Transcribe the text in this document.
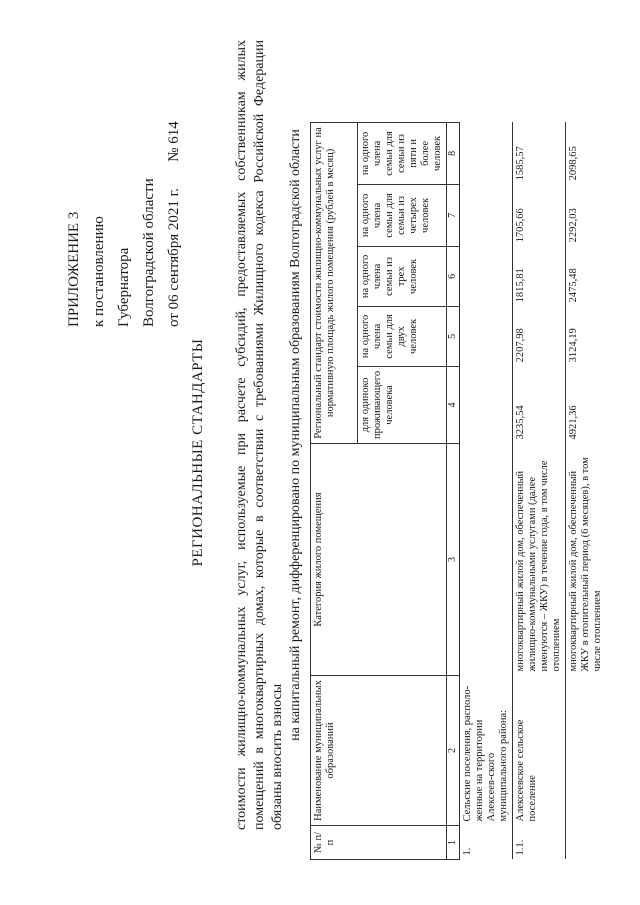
ПРИЛОЖЕНИЕ 3 к постановлению Губернатора Волгоградской области от 06 сентября 2021 г.       № 614
РЕГИОНАЛЬНЫЕ СТАНДАРТЫ стоимости жилищно-коммунальных услуг, используемые при расчете субсидий, предоставляемых собственникам жилых помещений в многоквартирных домах, которые в соответствии с требованиями Жилищного кодекса Российской Федерации обязаны вносить взносы
на капитальный ремонт, дифференцировано по муниципальным образованиям Волгоградской области
№ п/п	Наименование муниципальных образований	Категория жилого помещения	Региональный стандарт стоимости жилищно-коммунальных услуг на нормативную площадь жилого помещения (рублей в месяц)				
			для одиноко проживающего человека	на одного члена семьи для двух человек	на одного члена семьи из трех человек	на одного члена семьи для семьи из четырех человек	на одного члена семьи для семьи из пяти и более человек
1	2	3	4	5	6	7	8
1.	Сельские поселения, располо-женные на территории Алексеев-ского муниципального района:						
1.1.	Алексеевское сельское поселение	многоквартирный жилой дом, обеспеченный жилищно-коммунальными услугами (далее именуются – ЖКУ) в течение года, в том числе отоплением	3235,54	2207,98	1815,81	1705,66	1585,57
		многоквартирный жилой дом, обеспеченный ЖКУ в отопительный период (6 месяцев), в том числе отоплением	4921,36	3124,19	2475,48	2292,03	2098,65
